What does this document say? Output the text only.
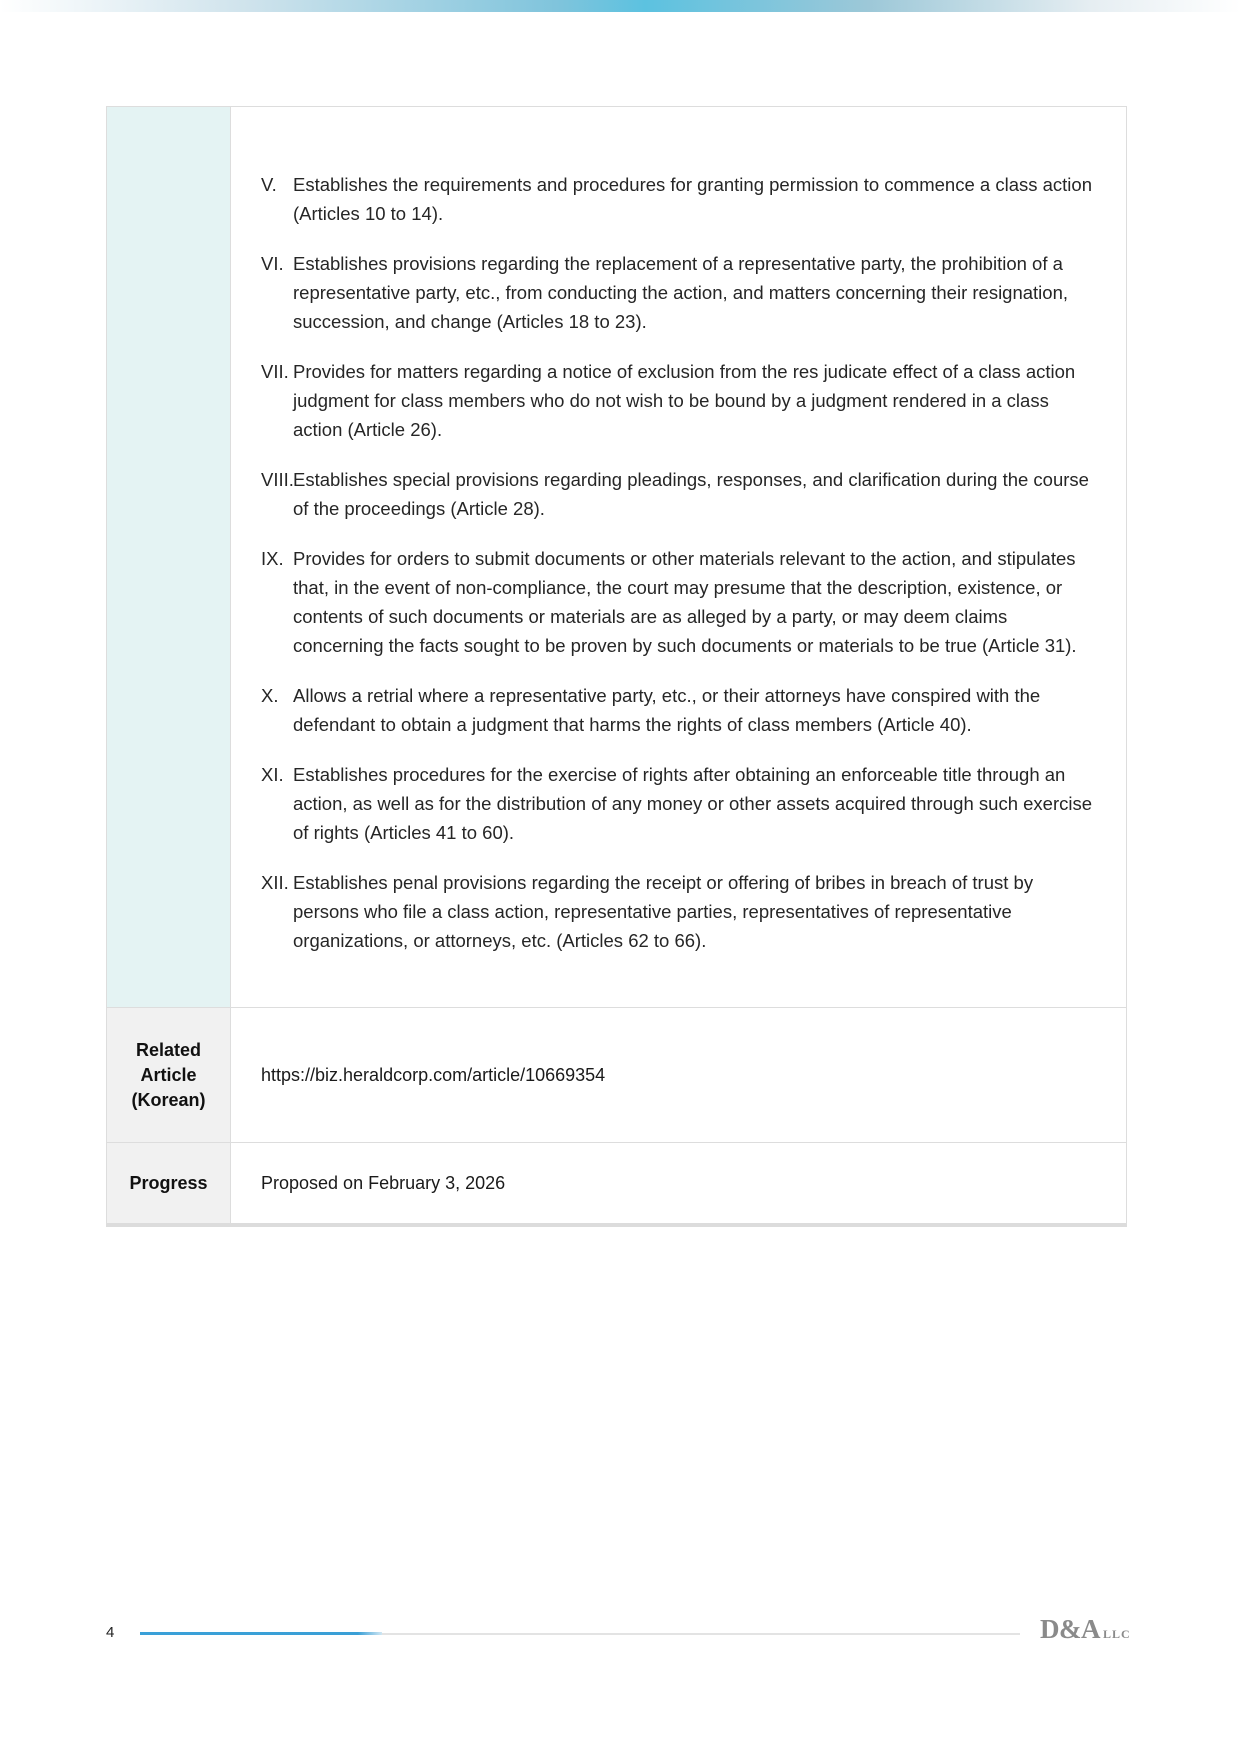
V. Establishes the requirements and procedures for granting permission to commence a class action (Articles 10 to 14).
VI. Establishes provisions regarding the replacement of a representative party, the prohibition of a representative party, etc., from conducting the action, and matters concerning their resignation, succession, and change (Articles 18 to 23).
VII. Provides for matters regarding a notice of exclusion from the res judicate effect of a class action judgment for class members who do not wish to be bound by a judgment rendered in a class action (Article 26).
VIII. Establishes special provisions regarding pleadings, responses, and clarification during the course of the proceedings (Article 28).
IX. Provides for orders to submit documents or other materials relevant to the action, and stipulates that, in the event of non-compliance, the court may presume that the description, existence, or contents of such documents or materials are as alleged by a party, or may deem claims concerning the facts sought to be proven by such documents or materials to be true (Article 31).
X. Allows a retrial where a representative party, etc., or their attorneys have conspired with the defendant to obtain a judgment that harms the rights of class members (Article 40).
XI. Establishes procedures for the exercise of rights after obtaining an enforceable title through an action, as well as for the distribution of any money or other assets acquired through such exercise of rights (Articles 41 to 60).
XII. Establishes penal provisions regarding the receipt or offering of bribes in breach of trust by persons who file a class action, representative parties, representatives of representative organizations, or attorneys, etc. (Articles 62 to 66).
Related
Article
(Korean)
https://biz.heraldcorp.com/article/10669354
Progress	Proposed on February 3, 2026
4	D&A LLC
